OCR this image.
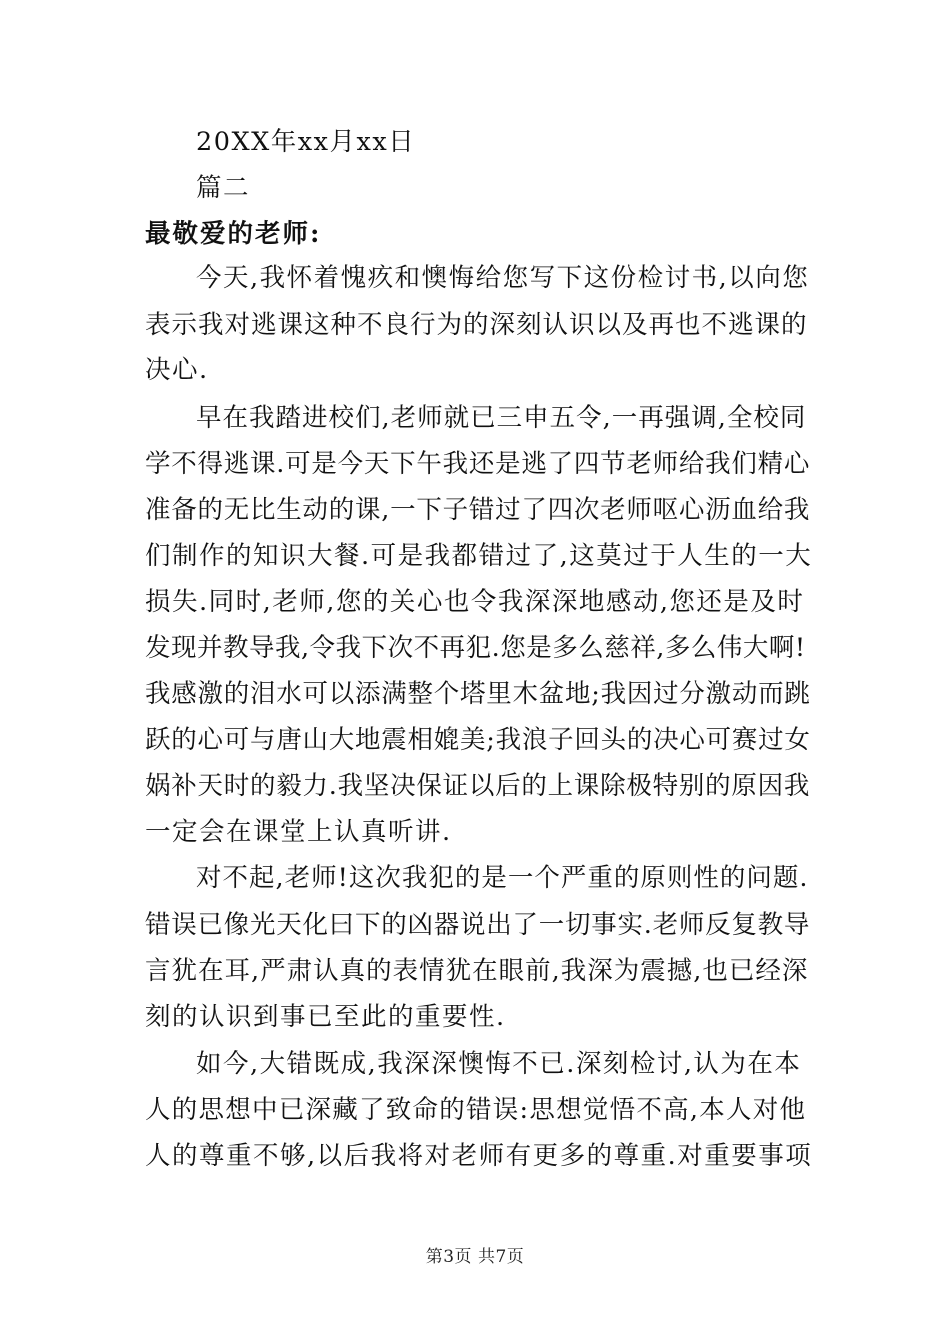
20XX年xx月xx日
篇二
最敬爱的老师:
今天,我怀着愧疚和懊悔给您写下这份检讨书,以向您
表示我对逃课这种不良行为的深刻认识以及再也不逃课的
决心.
早在我踏进校们,老师就已三申五令,一再强调,全校同
学不得逃课.可是今天下午我还是逃了四节老师给我们精心
准备的无比生动的课,一下子错过了四次老师呕心沥血给我
们制作的知识大餐.可是我都错过了,这莫过于人生的一大
损失.同时,老师,您的关心也令我深深地感动,您还是及时
发现并教导我,令我下次不再犯.您是多么慈祥,多么伟大啊!
我感激的泪水可以添满整个塔里木盆地;我因过分激动而跳
跃的心可与唐山大地震相媲美;我浪子回头的决心可赛过女
娲补天时的毅力.我坚决保证以后的上课除极特别的原因我
一定会在课堂上认真听讲.
对不起,老师!这次我犯的是一个严重的原则性的问题.
错误已像光天化曰下的凶器说出了一切事实.老师反复教导
言犹在耳,严肃认真的表情犹在眼前,我深为震撼,也已经深
刻的认识到事已至此的重要性.
如今,大错既成,我深深懊悔不已.深刻检讨,认为在本
人的思想中已深藏了致命的错误:思想觉悟不高,本人对他
人的尊重不够,以后我将对老师有更多的尊重.对重要事项
第3页 共7页
